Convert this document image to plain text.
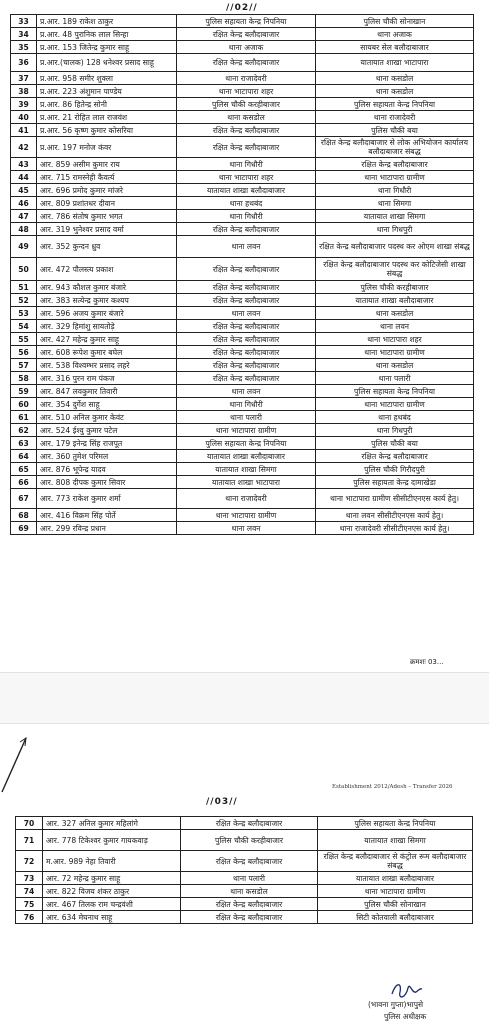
//02//
33	प्र.आर. 189 राकेश ठाकुर	पुलिस सहायता केन्द्र निपनिया	पुलिस चौकी सोनाखान
34	प्र.आर. 48 पुरानिक लाल सिन्हा	रक्षित केन्द्र बलौदाबाजार	थाना अजाक
35	प्र.आर. 153 जितेन्द्र कुमार साहू	थाना अजाक	सायबर सेल बलौदाबाजार
36	प्र.आर.(चालक) 128 धनेश्वर प्रसाद साहू	रक्षित केन्द्र बलौदाबाजार	यातायात शाखा भाटापारा
37	प्र.आर. 958 समीर शुक्ला	थाना राजादेवरी	थाना कसडोल
38	प्र.आर. 223 अंशुमान पाण्डेय	थाना भाटापारा शहर	थाना कसडोल
39	प्र.आर. 86 हितेन्द्र सोनी	पुलिस चौकी करहीबाजार	पुलिस सहायता केन्द्र निपनिया
40	प्र.आर. 21 रोहित लाल राजवंश	थाना कसडोल	थाना राजादेवरी
41	प्र.आर. 56 कृष्ण कुमार कोसरिया	रक्षित केन्द्र बलौदाबाजार	पुलिस चौकी बया
42	प्र.आर. 197 मनोज कंवर	रक्षित केन्द्र बलौदाबाजार	रक्षित केन्द्र बलौदाबाजार से लोक अभियोजन कार्यालय बलौदाबाजार संबद्ध
43	आर. 859 असीम कुमार राय	थाना गिधौरी	रक्षित केन्द्र बलौदाबाजार
44	आर. 715 रामस्नेही कैवर्त्य	थाना भाटापारा शहर	थाना भाटापारा ग्रामीण
45	आर. 696 प्रमोद कुमार मांजरे	यातायात शाखा बलौदाबाजार	थाना गिधौरी
46	आर. 809 प्रशांतधर दीवान	थाना हथबंद	थाना सिमगा
47	आर. 786 संतोष कुमार भगत	थाना गिधौरी	यातायात शाखा सिमगा
48	आर. 319 भुनेश्वर प्रसाद वर्मा	रक्षित केन्द्र बलौदाबाजार	थाना गिधपुरी
49	आर. 352 कुन्दन ध्रुव	थाना लवन	रक्षित केन्द्र बलौदाबाजार पदस्थ कर ओएम शाखा संबद्ध
50	आर. 472 पौलस्त्य प्रकाश	रक्षित केन्द्र बलौदाबाजार	रक्षित केन्द्र बलौदाबाजार पदस्थ कर कोटिजेसी शाखा संबद्ध
51	आर. 943 कौशल कुमार बंजारे	रक्षित केन्द्र बलौदाबाजार	पुलिस चौकी करहीबाजार
52	आर. 383 सत्येन्द्र कुमार कश्यप	रक्षित केन्द्र बलौदाबाजार	यातायात शाखा बलौदाबाजार
53	आर. 596 अजय कुमार बंजारे	थाना लवन	थाना कसडोल
54	आर. 329 हिमांशु सायतोड़े	रक्षित केन्द्र बलौदाबाजार	थाना लवन
55	आर. 427 महेन्द्र कुमार साहू	रक्षित केन्द्र बलौदाबाजार	थाना भाटापारा शहर
56	आर. 608 रूपेश कुमार बघेल	रक्षित केन्द्र बलौदाबाजार	थाना भाटापारा ग्रामीण
57	आर. 538 विश्वम्भर प्रसाद लहरे	रक्षित केन्द्र बलौदाबाजार	थाना कसडोल
58	आर. 316 पुरन राम पंकज	रक्षित केन्द्र बलौदाबाजार	थाना पलारी
59	आर. 847 लवकुमार तिवारी	थाना लवन	पुलिस सहायता केन्द्र निपनिया
60	आर. 354 दुर्गेश साहू	थाना गिधौरी	थाना भाटापारा ग्रामीण
61	आर. 510 अनिल कुमार केवंट	थाना पलारी	थाना हथबंद
62	आर. 524 ईश्वु कुमार पटेल	थाना भाटापारा ग्रामीण	थाना गिधपुरी
63	आर. 179 इनेन्द्र सिंह राजपूत	पुलिस सहायता केन्द्र निपनिया	पुलिस चौकी बया
64	आर. 360 तुमेश परिमल	यातायात शाखा बलौदाबाजार	रक्षित केन्द्र बलौदाबाजार
65	आर. 876 भूपेन्द्र यादव	यातायात शाखा सिमगा	पुलिस चौकी गिरौदपुरी
66	आर. 808 दीपक कुमार सिवार	यातायात शाखा भाटापारा	पुलिस सहायता केन्द्र दामाखेडा
67	आर. 773 राकेश कुमार शर्मा	थाना राजादेवरी	थाना भाटापारा ग्रामीण सीसीटीएनएस कार्य हेतु।
68	आर. 416 विक्रम सिंह पोर्ते	थाना भाटापारा ग्रामीण	थाना लवन सीसीटीएनएस कार्य हेतु।
69	आर. 299 रविन्द्र प्रधान	थाना लवन	थाना राजादेवरी सीसीटीएनएस कार्य हेतु।
क्रमशः 03...
Establishment 2012/Adesh – Transfer 2026
//03//
70	आर. 327 अनिल कुमार महिलांगे	रक्षित केन्द्र बलौदाबाजार	पुलिस सहायता केन्द्र निपनिया
71	आर. 778 टिकेश्वर कुमार गायकवाड़	पुलिस चौकी करहीबाजार	यातायात शाखा सिमगा
72	म.आर. 989 नेहा तिवारी	रक्षित केन्द्र बलौदाबाजार	रक्षित केन्द्र बलौदाबाजार से कंट्रोल रूम बलौदाबाजार संबद्ध
73	आर. 72 महेन्द्र कुमार साहू	थाना पलारी	यातायात शाखा बलौदाबाजार
74	आर. 822 विजय शंकर ठाकुर	थाना कसडोल	थाना भाटापारा ग्रामीण
75	आर. 467 तिलक राम चन्द्रवंशी	रक्षित केन्द्र बलौदाबाजार	पुलिस चौकी सोनाखान
76	आर. 634 मेघनाथ साहू	रक्षित केन्द्र बलौदाबाजार	सिटी कोतवाली बलौदाबाजार
(भावना गुप्ता)भापुसे
पुलिस अधीक्षक
